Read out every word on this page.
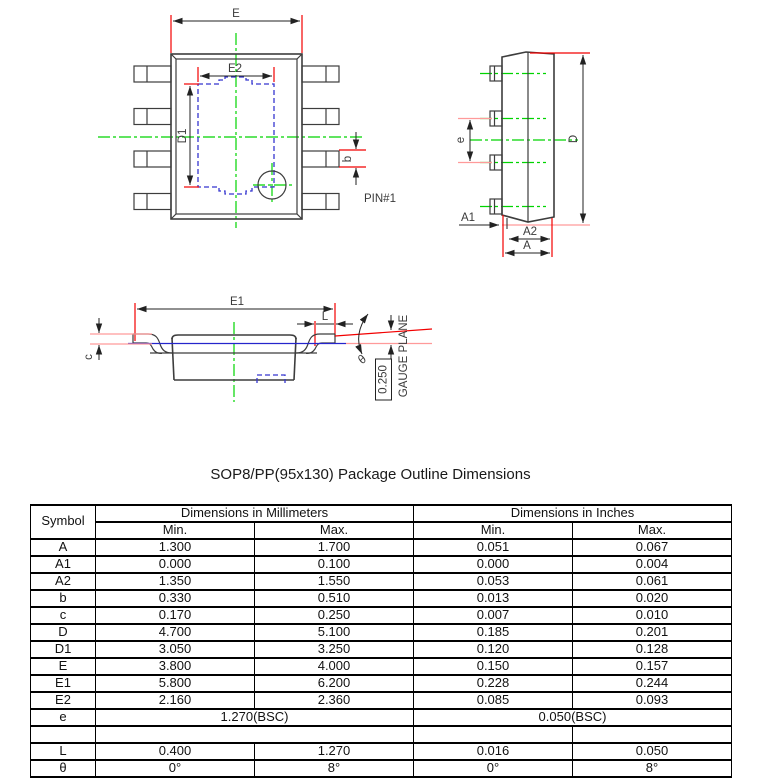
E
E2
D1
b
PIN#1
e	D
A1
A2
A
E1
L
c	θ
0.250 GAUGE PLANE
SOP8/PP(95x130) Package Outline Dimensions
Symbol	Dimensions in Millimeters		Dimensions in Inches	
	Min.	Max.	Min.	Max.
A	1.300	1.700	0.051	0.067
A1	0.000	0.100	0.000	0.004
A2	1.350	1.550	0.053	0.061
b	0.330	0.510	0.013	0.020
c	0.170	0.250	0.007	0.010
D	4.700	5.100	0.185	0.201
D1	3.050	3.250	0.120	0.128
E	3.800	4.000	0.150	0.157
E1	5.800	6.200	0.228	0.244
E2	2.160	2.360	0.085	0.093
e	1.270(BSC)		0.050(BSC)	

L	0.400	1.270	0.016	0.050
θ	0°	8°	0°	8°
